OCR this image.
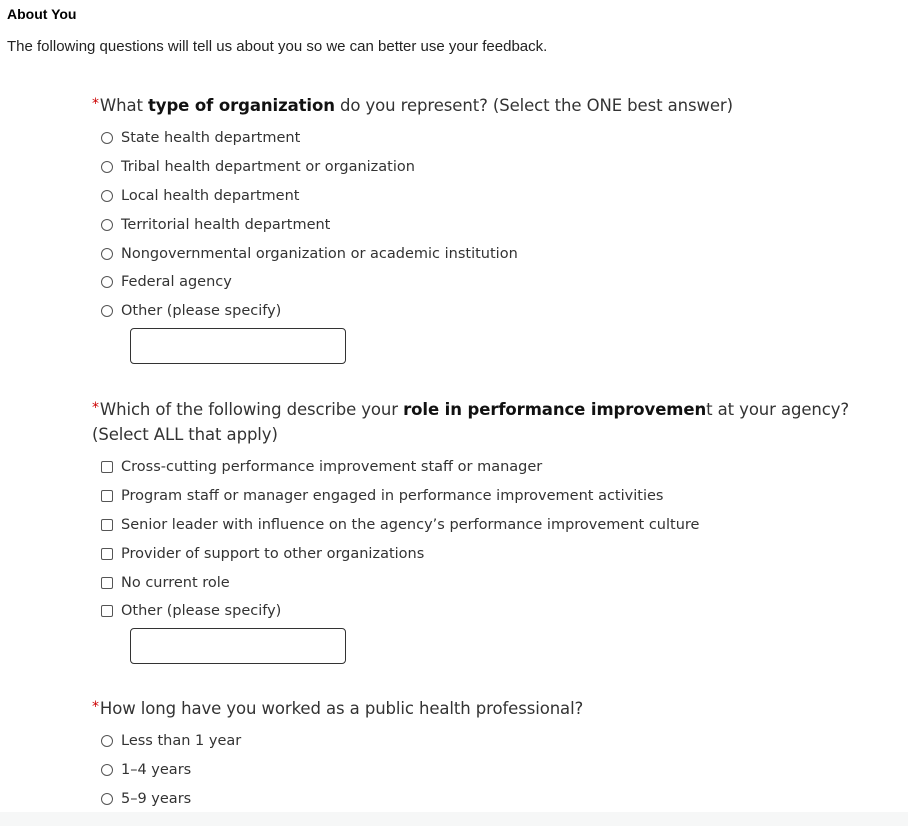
About You
The following questions will tell us about you so we can better use your feedback.
*What type of organization do you represent? (Select the ONE best answer)
State health department
Tribal health department or organization
Local health department
Territorial health department
Nongovernmental organization or academic institution
Federal agency
Other (please specify)
*Which of the following describe your role in performance improvement at your agency? (Select ALL that apply)
Cross-cutting performance improvement staff or manager
Program staff or manager engaged in performance improvement activities
Senior leader with influence on the agency’s performance improvement culture
Provider of support to other organizations
No current role
Other (please specify)
*How long have you worked as a public health professional?
Less than 1 year
1–4 years
5–9 years
